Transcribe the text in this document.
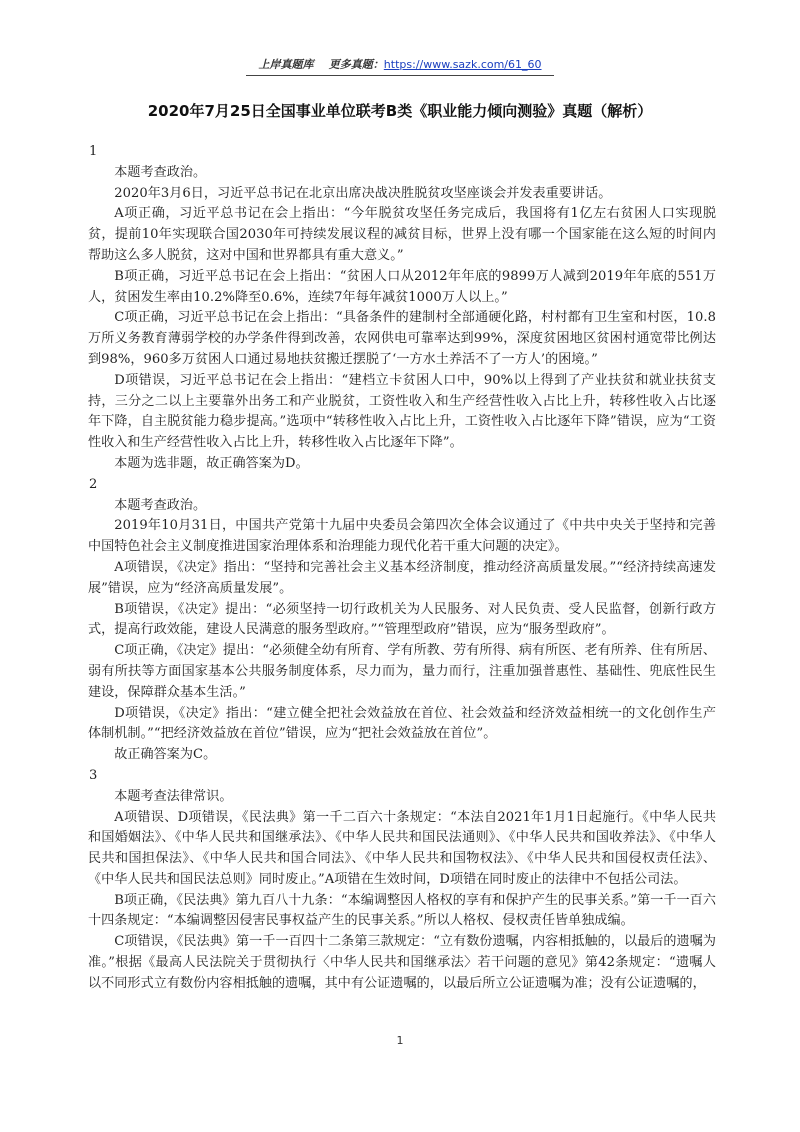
上岸真题库 更多真题：https://www.sazk.com/61_60
2020年7月25日全国事业单位联考B类《职业能力倾向测验》真题（解析）

1

本题考查政治。

2020年3月6日，习近平总书记在北京出席决战决胜脱贫攻坚座谈会并发表重要讲话。

A项正确，习近平总书记在会上指出：“今年脱贫攻坚任务完成后，我国将有1亿左右贫困人口实现脱贫，提前10年实现联合国2030年可持续发展议程的减贫目标，世界上没有哪一个国家能在这么短的时间内帮助这么多人脱贫，这对中国和世界都具有重大意义。”

B项正确，习近平总书记在会上指出：“贫困人口从2012年年底的9899万人减到2019年年底的551万人，贫困发生率由10.2%降至0.6%，连续7年每年减贫1000万人以上。”

C项正确，习近平总书记在会上指出：“具备条件的建制村全部通硬化路，村村都有卫生室和村医，10.8万所义务教育薄弱学校的办学条件得到改善，农网供电可靠率达到99%，深度贫困地区贫困村通宽带比例达到98%，960多万贫困人口通过易地扶贫搬迁摆脱了‘一方水土养活不了一方人’的困境。”

D项错误，习近平总书记在会上指出：“建档立卡贫困人口中，90%以上得到了产业扶贫和就业扶贫支持，三分之二以上主要靠外出务工和产业脱贫，工资性收入和生产经营性收入占比上升，转移性收入占比逐年下降，自主脱贫能力稳步提高。”选项中“转移性收入占比上升，工资性收入占比逐年下降”错误，应为“工资性收入和生产经营性收入占比上升，转移性收入占比逐年下降”。

本题为选非题，故正确答案为D。

2

本题考查政治。

2019年10月31日，中国共产党第十九届中央委员会第四次全体会议通过了《中共中央关于坚持和完善中国特色社会主义制度推进国家治理体系和治理能力现代化若干重大问题的决定》。

A项错误，《决定》指出：“坚持和完善社会主义基本经济制度，推动经济高质量发展。”“经济持续高速发展”错误，应为“经济高质量发展”。

B项错误，《决定》提出：“必须坚持一切行政机关为人民服务、对人民负责、受人民监督，创新行政方式，提高行政效能，建设人民满意的服务型政府。”“管理型政府”错误，应为“服务型政府”。

C项正确，《决定》提出：“必须健全幼有所育、学有所教、劳有所得、病有所医、老有所养、住有所居、弱有所扶等方面国家基本公共服务制度体系，尽力而为，量力而行，注重加强普惠性、基础性、兜底性民生建设，保障群众基本生活。”

D项错误，《决定》指出：“建立健全把社会效益放在首位、社会效益和经济效益相统一的文化创作生产体制机制。”“把经济效益放在首位”错误，应为“把社会效益放在首位”。

故正确答案为C。

3

本题考查法律常识。

A项错误、D项错误，《民法典》第一千二百六十条规定：“本法自2021年1月1日起施行。《中华人民共和国婚姻法》、《中华人民共和国继承法》、《中华人民共和国民法通则》、《中华人民共和国收养法》、《中华人民共和国担保法》、《中华人民共和国合同法》、《中华人民共和国物权法》、《中华人民共和国侵权责任法》、《中华人民共和国民法总则》同时废止。”A项错在生效时间，D项错在同时废止的法律中不包括公司法。

B项正确，《民法典》第九百八十九条：“本编调整因人格权的享有和保护产生的民事关系。”第一千一百六十四条规定：“本编调整因侵害民事权益产生的民事关系。”所以人格权、侵权责任皆单独成编。

C项错误，《民法典》第一千一百四十二条第三款规定：“立有数份遗嘱，内容相抵触的，以最后的遗嘱为准。”根据《最高人民法院关于贯彻执行〈中华人民共和国继承法〉若干问题的意见》第42条规定：“遗嘱人以不同形式立有数份内容相抵触的遗嘱，其中有公证遗嘱的，以最后所立公证遗嘱为准；没有公证遗嘱的，

1
